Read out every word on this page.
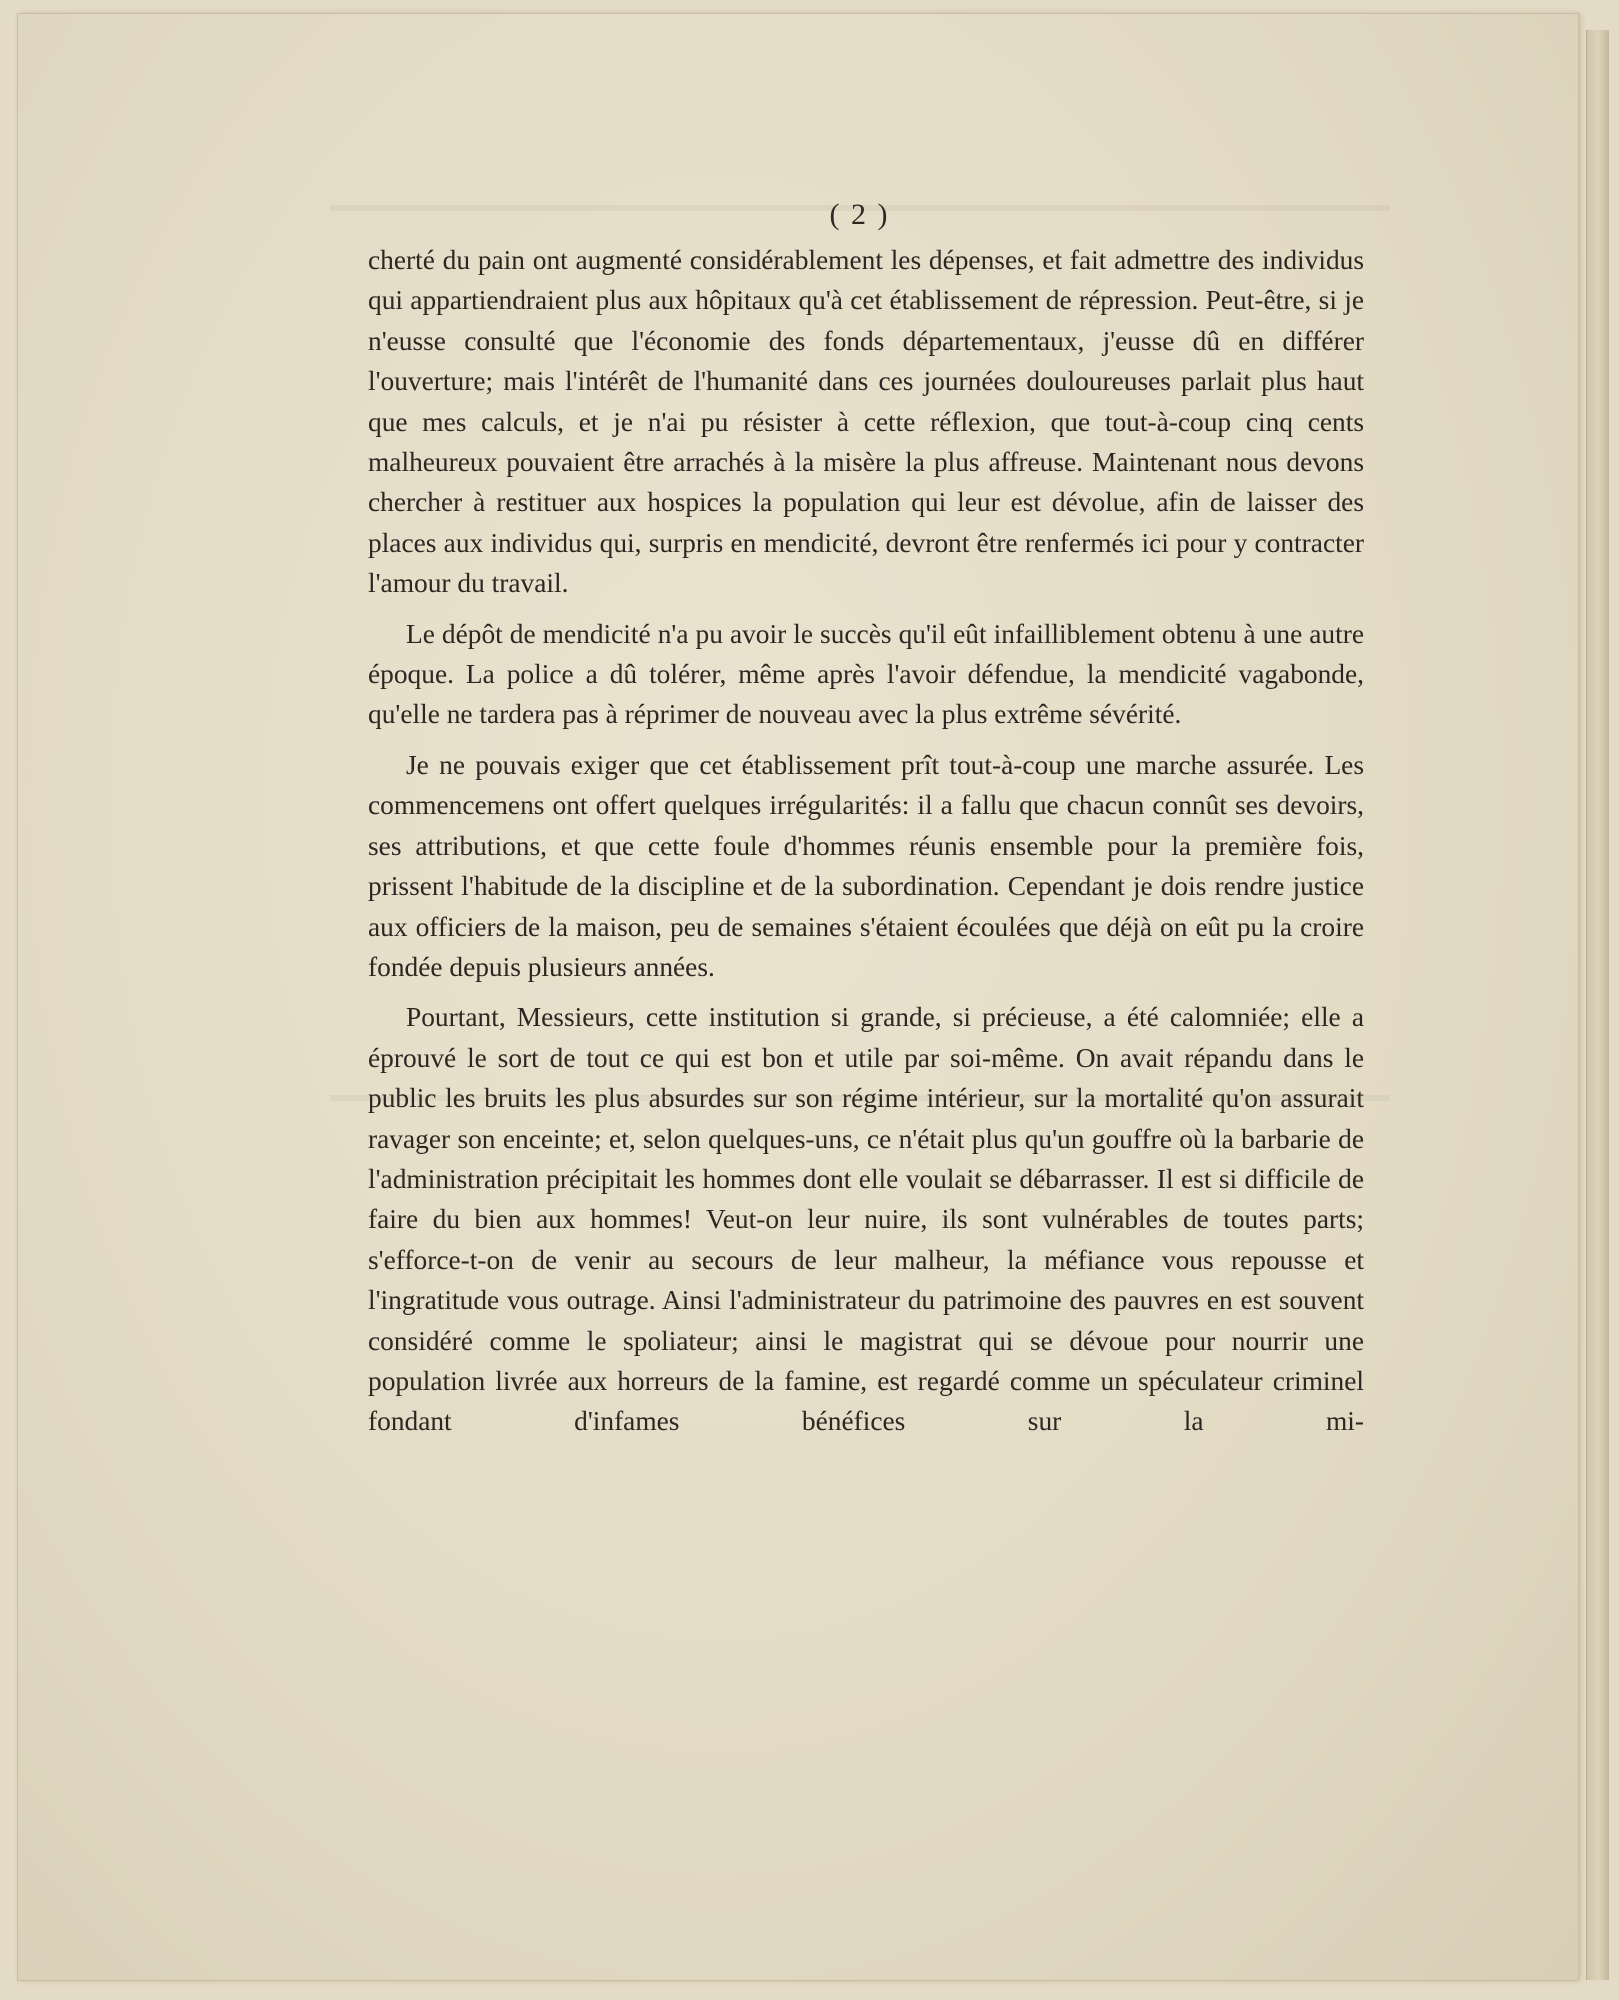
( 2 )

cherté du pain ont augmenté considérablement les dépenses, et fait admettre des individus qui appartiendraient plus aux hôpitaux qu'à cet établissement de répression. Peut-être, si je n'eusse consulté que l'économie des fonds départementaux, j'eusse dû en différer l'ouverture; mais l'intérêt de l'humanité dans ces journées douloureuses parlait plus haut que mes calculs, et je n'ai pu résister à cette réflexion, que tout-à-coup cinq cents malheureux pouvaient être arrachés à la misère la plus affreuse. Maintenant nous devons chercher à restituer aux hospices la population qui leur est dévolue, afin de laisser des places aux individus qui, surpris en mendicité, devront être renfermés ici pour y contracter l'amour du travail.

Le dépôt de mendicité n'a pu avoir le succès qu'il eût infailliblement obtenu à une autre époque. La police a dû tolérer, même après l'avoir défendue, la mendicité vagabonde, qu'elle ne tardera pas à réprimer de nouveau avec la plus extrême sévérité.

Je ne pouvais exiger que cet établissement prît tout-à-coup une marche assurée. Les commencemens ont offert quelques irrégularités: il a fallu que chacun connût ses devoirs, ses attributions, et que cette foule d'hommes réunis ensemble pour la première fois, prissent l'habitude de la discipline et de la subordination. Cependant je dois rendre justice aux officiers de la maison, peu de semaines s'étaient écoulées que déjà on eût pu la croire fondée depuis plusieurs années.

Pourtant, Messieurs, cette institution si grande, si précieuse, a été calomniée; elle a éprouvé le sort de tout ce qui est bon et utile par soi-même. On avait répandu dans le public les bruits les plus absurdes sur son régime intérieur, sur la mortalité qu'on assurait ravager son enceinte; et, selon quelques-uns, ce n'était plus qu'un gouffre où la barbarie de l'administration précipitait les hommes dont elle voulait se débarrasser. Il est si difficile de faire du bien aux hommes! Veut-on leur nuire, ils sont vulnérables de toutes parts; s'efforce-t-on de venir au secours de leur malheur, la méfiance vous repousse et l'ingratitude vous outrage. Ainsi l'administrateur du patrimoine des pauvres en est souvent considéré comme le spoliateur; ainsi le magistrat qui se dévoue pour nourrir une population livrée aux horreurs de la famine, est regardé comme un spéculateur criminel fondant d'infames bénéfices sur la mi-
